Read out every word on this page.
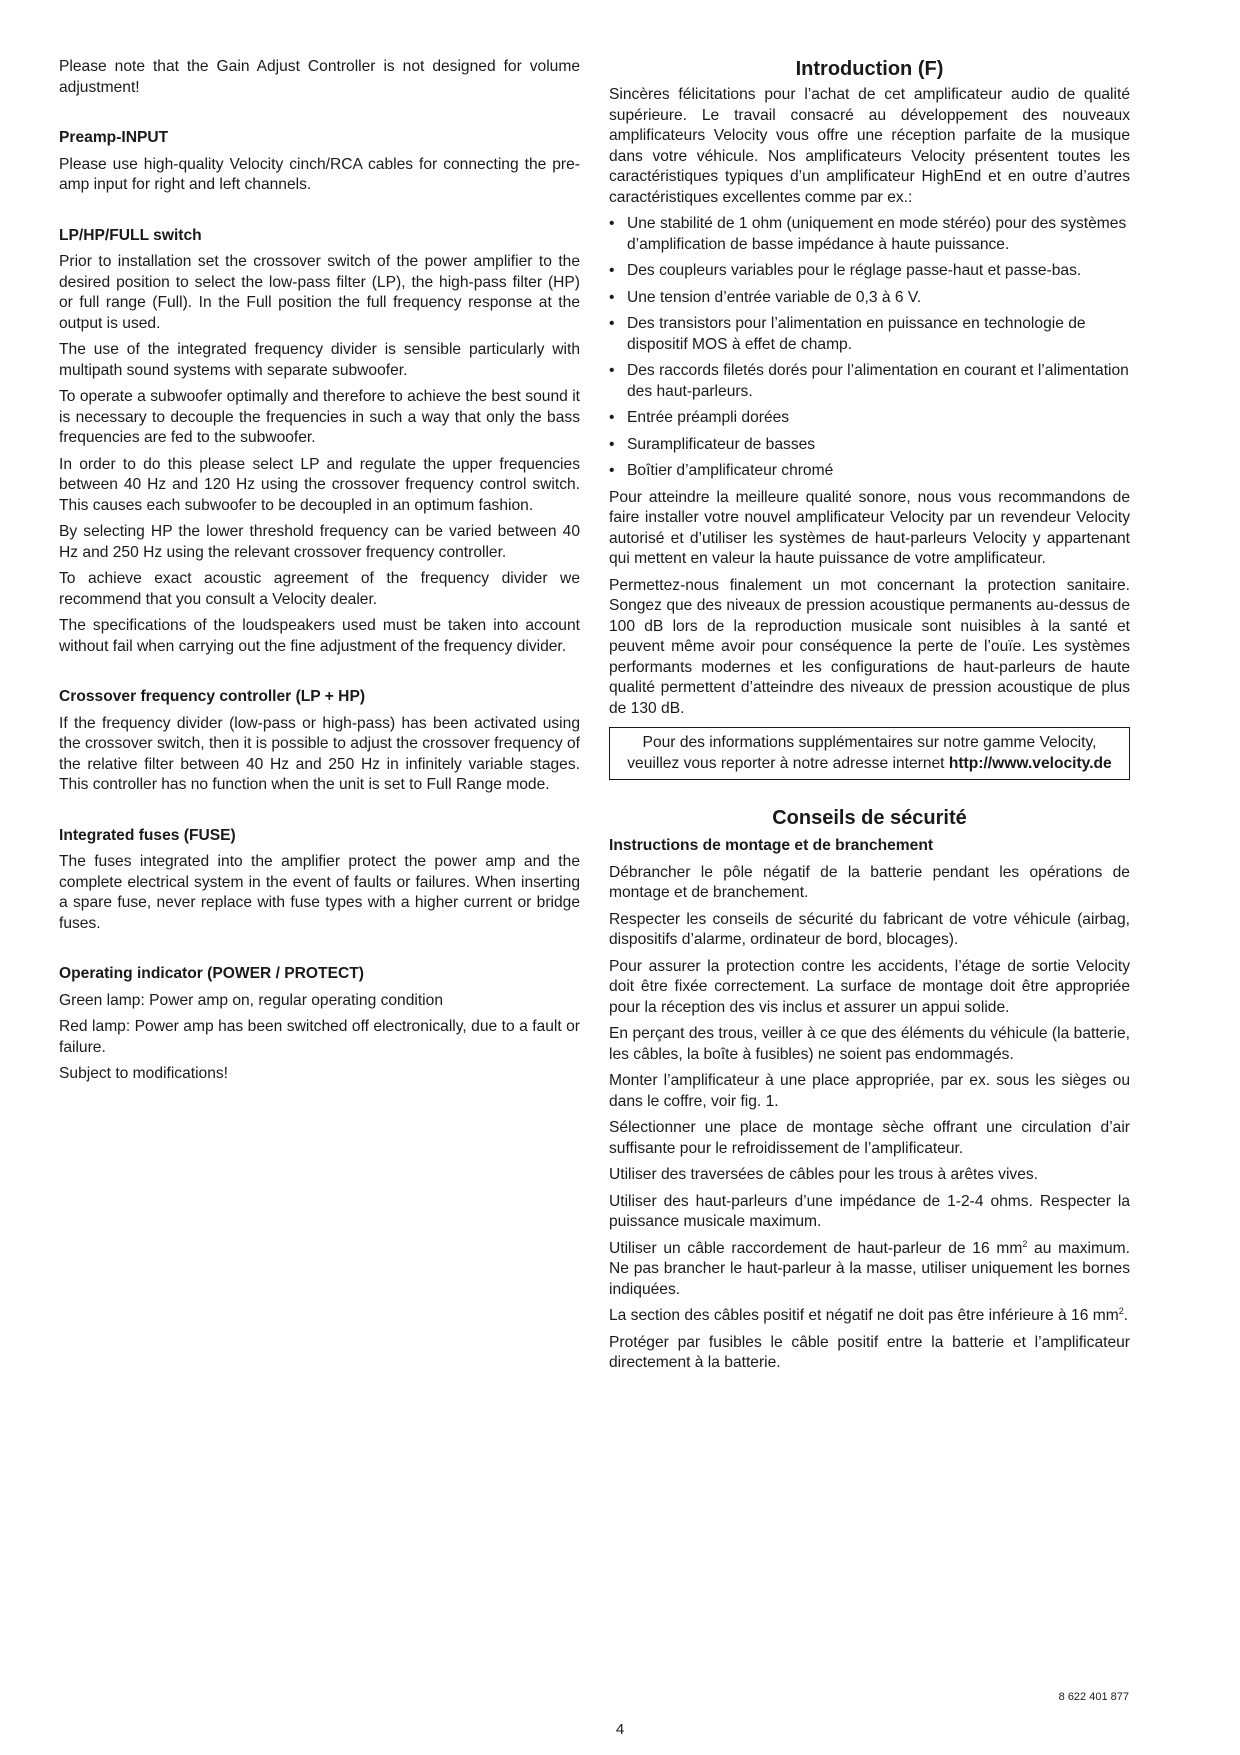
Please note that the Gain Adjust Controller is not designed for volume adjustment!

Preamp-INPUT

Please use high-quality Velocity cinch/RCA cables for connecting the pre-amp input for right and left channels.

LP/HP/FULL switch

Prior to installation set the crossover switch of the power amplifier to the desired position to select the low-pass filter (LP), the high-pass filter (HP) or full range (Full). In the Full position the full frequency response at the output is used.

The use of the integrated frequency divider is sensible particularly with multipath sound systems with separate subwoofer.

To operate a subwoofer optimally and therefore to achieve the best sound it is necessary to decouple the frequencies in such a way that only the bass frequencies are fed to the subwoofer.

In order to do this please select LP and regulate the upper frequencies between 40 Hz and 120 Hz using the crossover frequency control switch. This causes each subwoofer to be decoupled in an optimum fashion.

By selecting HP the lower threshold frequency can be varied between 40 Hz and 250 Hz using the relevant crossover frequency controller.

To achieve exact acoustic agreement of the frequency divider we recommend that you consult a Velocity dealer.

The specifications of the loudspeakers used must be taken into account without fail when carrying out the fine adjustment of the frequency divider.

Crossover frequency controller (LP + HP)

If the frequency divider (low-pass or high-pass) has been activated using the crossover switch, then it is possible to adjust the crossover frequency of the relative filter between 40 Hz and 250 Hz in infinitely variable stages. This controller has no function when the unit is set to Full Range mode.

Integrated fuses (FUSE)

The fuses integrated into the amplifier protect the power amp and the complete electrical system in the event of faults or failures. When inserting a spare fuse, never replace with fuse types with a higher current or bridge fuses.

Operating indicator (POWER / PROTECT)

Green lamp: Power amp on, regular operating condition

Red lamp: Power amp has been switched off electronically, due to a fault or failure.

Subject to modifications!

Introduction (F)

Sincères félicitations pour l’achat de cet amplificateur audio de qualité supérieure. Le travail consacré au développement des nouveaux amplificateurs Velocity vous offre une réception parfaite de la musique dans votre véhicule. Nos amplificateurs Velocity présentent toutes les caractéristiques typiques d’un amplificateur HighEnd et en outre d’autres caractéristiques excellentes comme par ex.:

• Une stabilité de 1 ohm (uniquement en mode stéréo) pour des systèmes d’amplification de basse impédance à haute puissance.
• Des coupleurs variables pour le réglage passe-haut et passe-bas.
• Une tension d’entrée variable de 0,3 à 6 V.
• Des transistors pour l’alimentation en puissance en technologie de dispositif MOS à effet de champ.
• Des raccords filetés dorés pour l’alimentation en courant et l’alimentation des haut-parleurs.
• Entrée préampli dorées
• Suramplificateur de basses
• Boîtier d’amplificateur chromé

Pour atteindre la meilleure qualité sonore, nous vous recommandons de faire installer votre nouvel amplificateur Velocity par un revendeur Velocity autorisé et d’utiliser les systèmes de haut-parleurs Velocity y appartenant qui mettent en valeur la haute puissance de votre amplificateur.

Permettez-nous finalement un mot concernant la protection sanitaire. Songez que des niveaux de pression acoustique permanents au-dessus de 100 dB lors de la reproduction musicale sont nuisibles à la santé et peuvent même avoir pour conséquence la perte de l’ouïe. Les systèmes performants modernes et les configurations de haut-parleurs de haute qualité permettent d’atteindre des niveaux de pression acoustique de plus de 130 dB.

Pour des informations supplémentaires sur notre gamme Velocity, veuillez vous reporter à notre adresse internet http://www.velocity.de
Conseils de sécurité
Instructions de montage et de branchement

Débrancher le pôle négatif de la batterie pendant les opérations de montage et de branchement.

Respecter les conseils de sécurité du fabricant de votre véhicule (airbag, dispositifs d’alarme, ordinateur de bord, blocages).

Pour assurer la protection contre les accidents, l’étage de sortie Velocity doit être fixée correctement. La surface de montage doit être appropriée pour la réception des vis inclus et assurer un appui solide.

En perçant des trous, veiller à ce que des éléments du véhicule (la batterie, les câbles, la boîte à fusibles) ne soient pas endommagés.

Monter l’amplificateur à une place appropriée, par ex. sous les sièges ou dans le coffre, voir fig. 1.

Sélectionner une place de montage sèche offrant une circulation d’air suffisante pour le refroidissement de l’amplificateur.

Utiliser des traversées de câbles pour les trous à arêtes vives.

Utiliser des haut-parleurs d’une impédance de 1-2-4 ohms. Respecter la puissance musicale maximum.

Utiliser un câble raccordement de haut-parleur de 16 $mm^2$ au maximum. Ne pas brancher le haut-parleur à la masse, utiliser uniquement les bornes indiquées.

La section des câbles positif et négatif ne doit pas être inférieure à 16 $mm^2$.

Protéger par fusibles le câble positif entre la batterie et l’amplificateur directement à la batterie.

8 622 401 877
4
